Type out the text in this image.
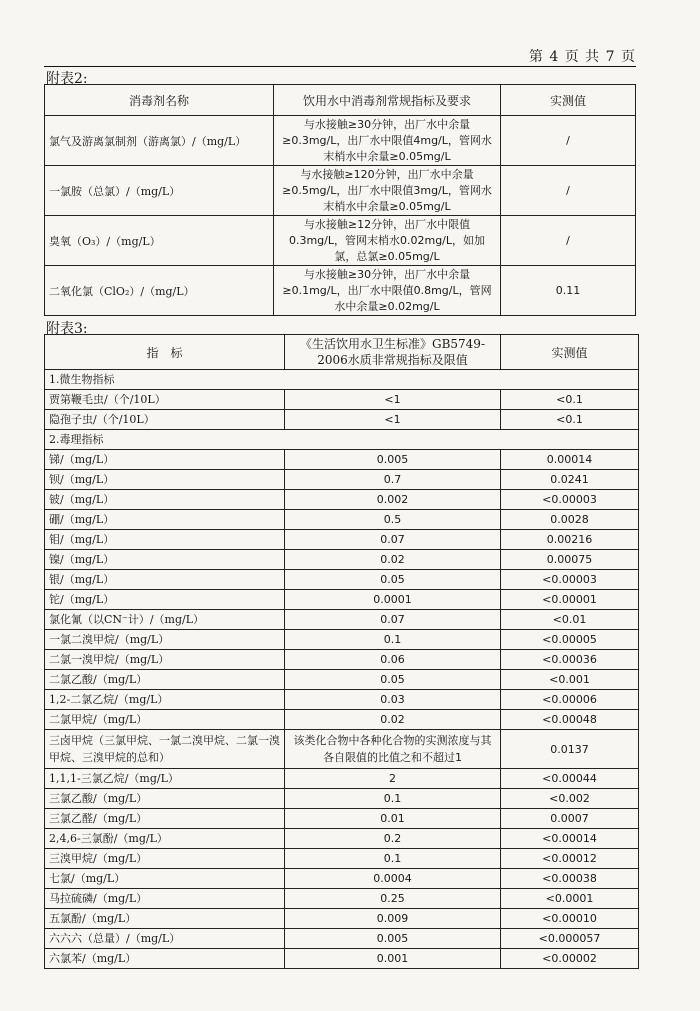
第 4 页 共 7 页
附表2:
消毒剂名称	饮用水中消毒剂常规指标及要求	实测值
氯气及游离氯制剂（游离氯）/（mg/L）	与水接触≥30分钟，出厂水中余量≥0.3mg/L，出厂水中限值4mg/L，管网水末梢水中余量≥0.05mg/L	/
一氯胺（总氯）/（mg/L）	与水接触≥120分钟，出厂水中余量≥0.5mg/L，出厂水中限值3mg/L，管网水末梢水中余量≥0.05mg/L	/
臭氧（O₃）/（mg/L）	与水接触≥12分钟，出厂水中限值0.3mg/L，管网末梢水0.02mg/L，如加氯，总氯≥0.05mg/L	/
二氧化氯（ClO₂）/（mg/L）	与水接触≥30分钟，出厂水中余量≥0.1mg/L，出厂水中限值0.8mg/L，管网水中余量≥0.02mg/L	0.11
附表3:
指　标	《生活饮用水卫生标准》GB5749-2006水质非常规指标及限值	实测值
1.微生物指标		
贾第鞭毛虫/（个/10L）	<1	<0.1
隐孢子虫/（个/10L）	<1	<0.1
2.毒理指标		
锑/（mg/L）	0.005	0.00014
钡/（mg/L）	0.7	0.0241
铍/（mg/L）	0.002	<0.00003
硼/（mg/L）	0.5	0.0028
钼/（mg/L）	0.07	0.00216
镍/（mg/L）	0.02	0.00075
银/（mg/L）	0.05	<0.00003
铊/（mg/L）	0.0001	<0.00001
氯化氰（以CN⁻计）/（mg/L）	0.07	<0.01
一氯二溴甲烷/（mg/L）	0.1	<0.00005
二氯一溴甲烷/（mg/L）	0.06	<0.00036
二氯乙酸/（mg/L）	0.05	<0.001
1,2-二氯乙烷/（mg/L）	0.03	<0.00006
二氯甲烷/（mg/L）	0.02	<0.00048
三卤甲烷（三氯甲烷、一氯二溴甲烷、二氯一溴甲烷、三溴甲烷的总和）	该类化合物中各种化合物的实测浓度与其各自限值的比值之和不超过1	0.0137
1,1,1-三氯乙烷/（mg/L）	2	<0.00044
三氯乙酸/（mg/L）	0.1	<0.002
三氯乙醛/（mg/L）	0.01	0.0007
2,4,6-三氯酚/（mg/L）	0.2	<0.00014
三溴甲烷/（mg/L）	0.1	<0.00012
七氯/（mg/L）	0.0004	<0.00038
马拉硫磷/（mg/L）	0.25	<0.0001
五氯酚/（mg/L）	0.009	<0.00010
六六六（总量）/（mg/L）	0.005	<0.000057
六氯苯/（mg/L）	0.001	<0.00002
